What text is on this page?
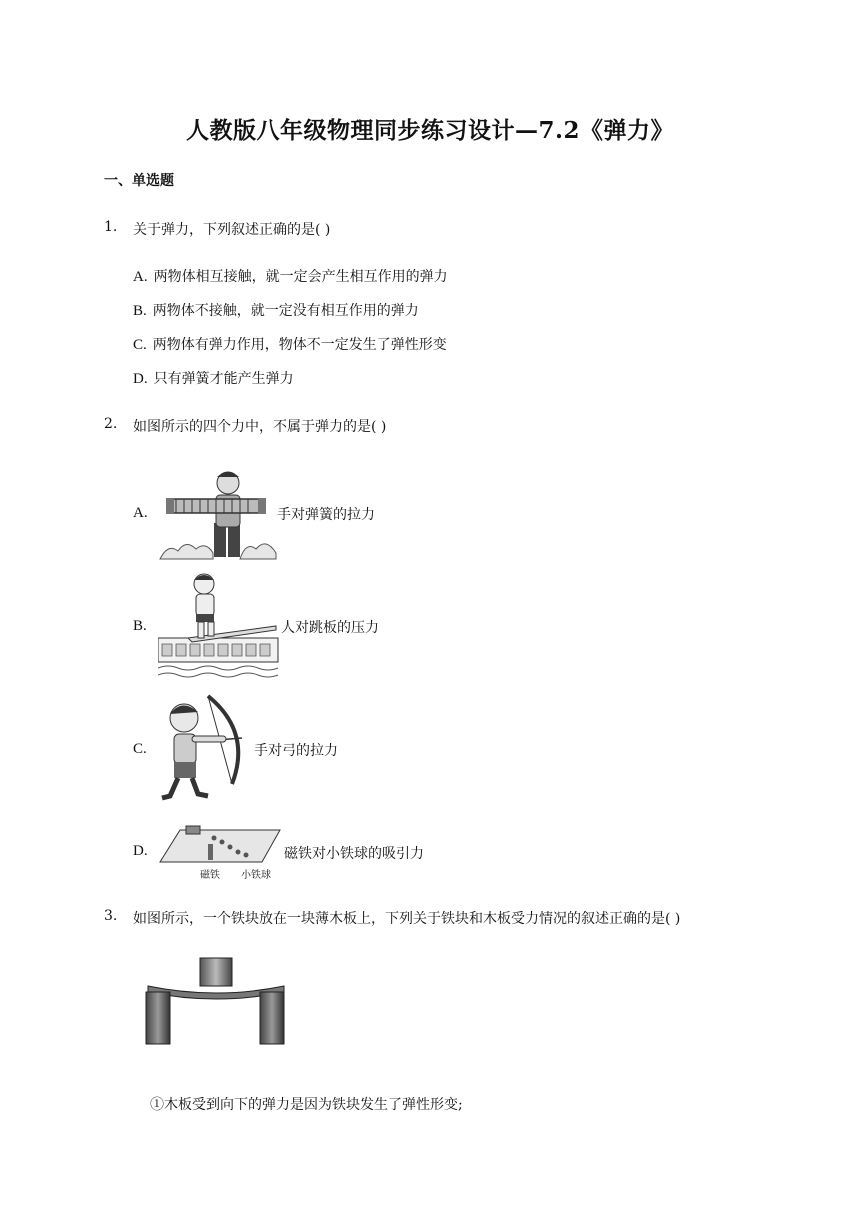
人教版八年级物理同步练习设计—7.2《弹力》
一、单选题
1. 关于弹力，下列叙述正确的是( )
A. 两物体相互接触，就一定会产生相互作用的弹力
B. 两物体不接触，就一定没有相互作用的弹力
C. 两物体有弹力作用，物体不一定发生了弹性形变
D. 只有弹簧才能产生弹力
2. 如图所示的四个力中，不属于弹力的是( )
A.	手对弹簧的拉力
B.	人对跳板的压力
C.	手对弓的拉力
D.
磁铁 小铁球
磁铁对小铁球的吸引力
3. 如图所示，一个铁块放在一块薄木板上，下列关于铁块和木板受力情况的叙述正确的是( )
①木板受到向下的弹力是因为铁块发生了弹性形变;
